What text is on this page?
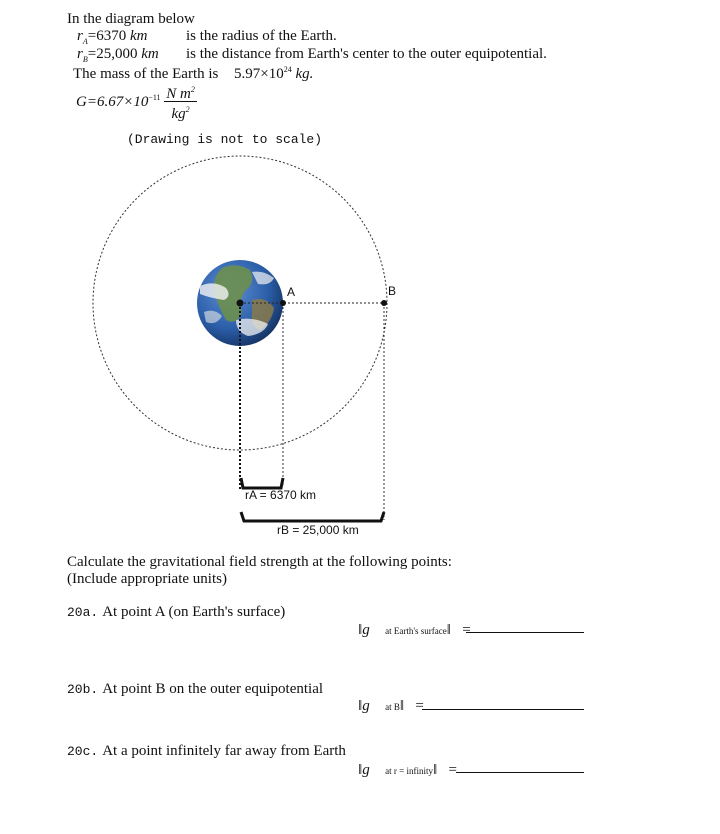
In the diagram below
$r_A=6370$ km	is the radius of the Earth.
$r_B=25,000$ km is the distance from Earth's center to the outer equipotential.
The mass of the Earth is $5.97\times 10^{24}$ kg.
$G=6.67\times 10^{-11} \frac{N m^2}{kg^2}$
(Drawing is not to scale)
A	B
rA = 6370 km
rB = 25,000 km
Calculate the gravitational field strength at the following points:
(Include appropriate units)
20a. At point A (on Earth's surface)
‖g⃗ at Earth's surface‖   =
20b. At point B on the outer equipotential
‖g⃗ at B‖   =
20c. At a point infinitely far away from Earth
‖g⃗ at r = infinity‖   =
